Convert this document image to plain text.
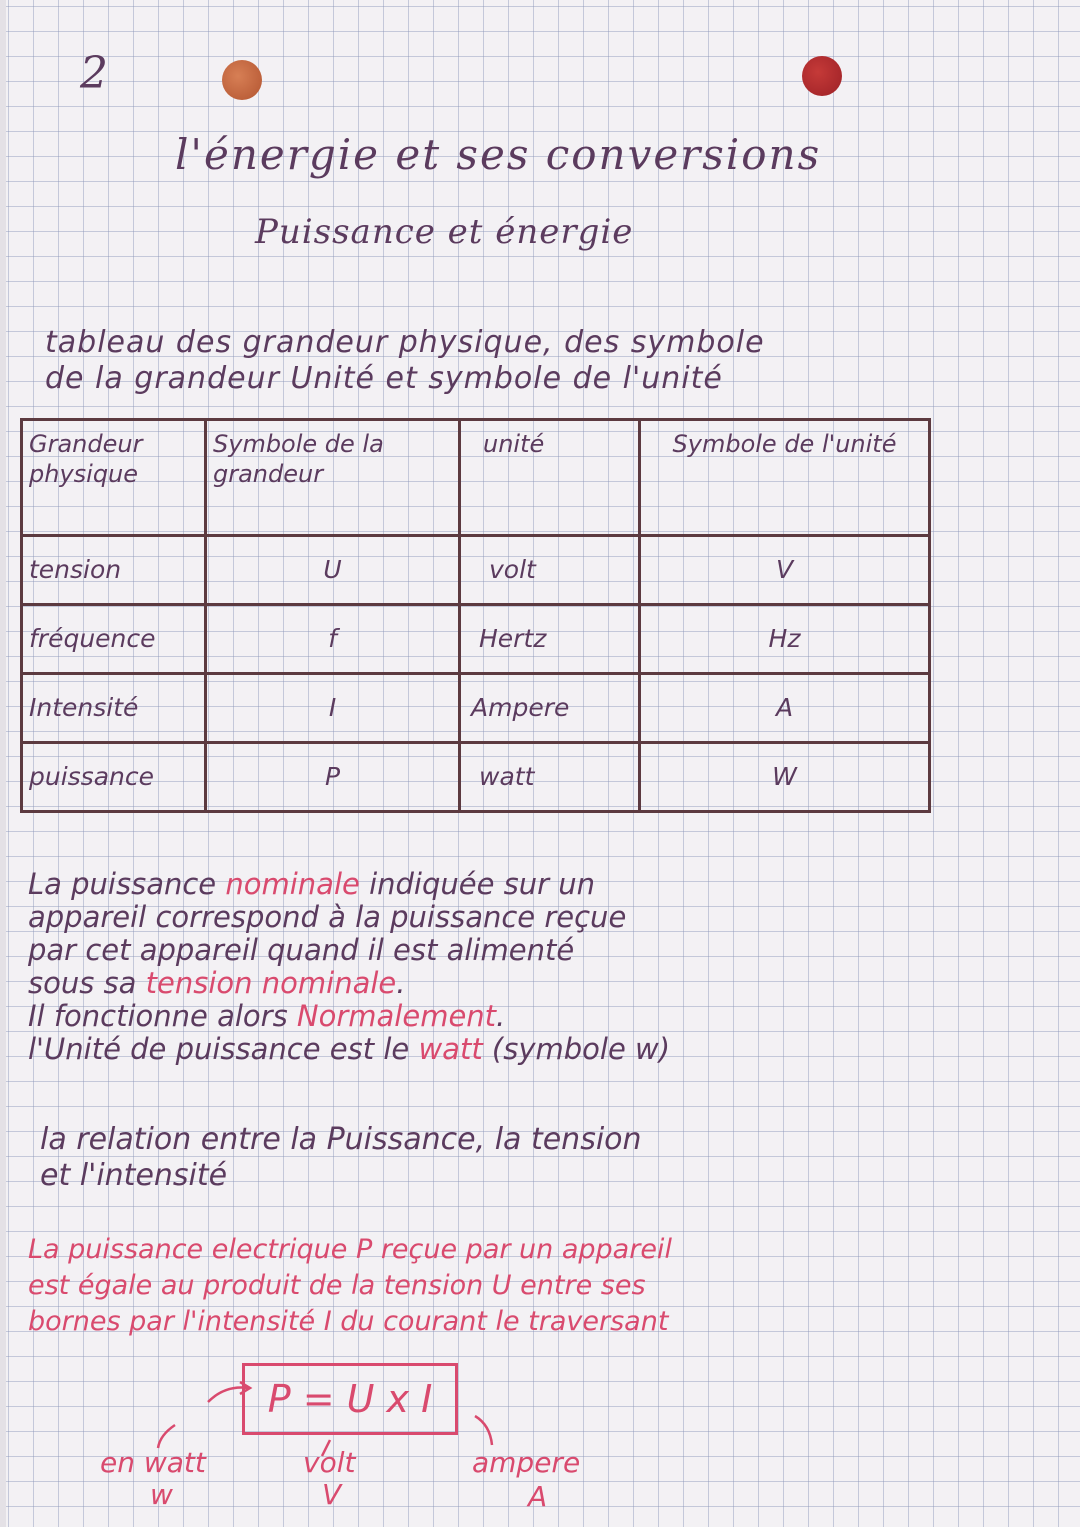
2
l'énergie et ses conversions
Puissance et énergie
tableau des grandeur physique, des symbole
de la grandeur Unité et symbole de l'unité
Grandeur physique	Symbole de la grandeur	unité	Symbole de l'unité
tension	U	volt	V
fréquence	f	Hertz	Hz
Intensité	I	Ampere	A
puissance	P	watt	W
La puissance nominale indiquée sur un
appareil correspond à la puissance reçue
par cet appareil quand il est alimenté
sous sa tension nominale.
Il fonctionne alors Normalement.
l'Unité de puissance est le watt (symbole w)
la relation entre la Puissance, la tension
et l'intensité
La puissance electrique P reçue par un appareil
est égale au produit de la tension U entre ses
bornes par l'intensité I du courant le traversant
P = U x I
en watt
w
volt
V
ampere
A
